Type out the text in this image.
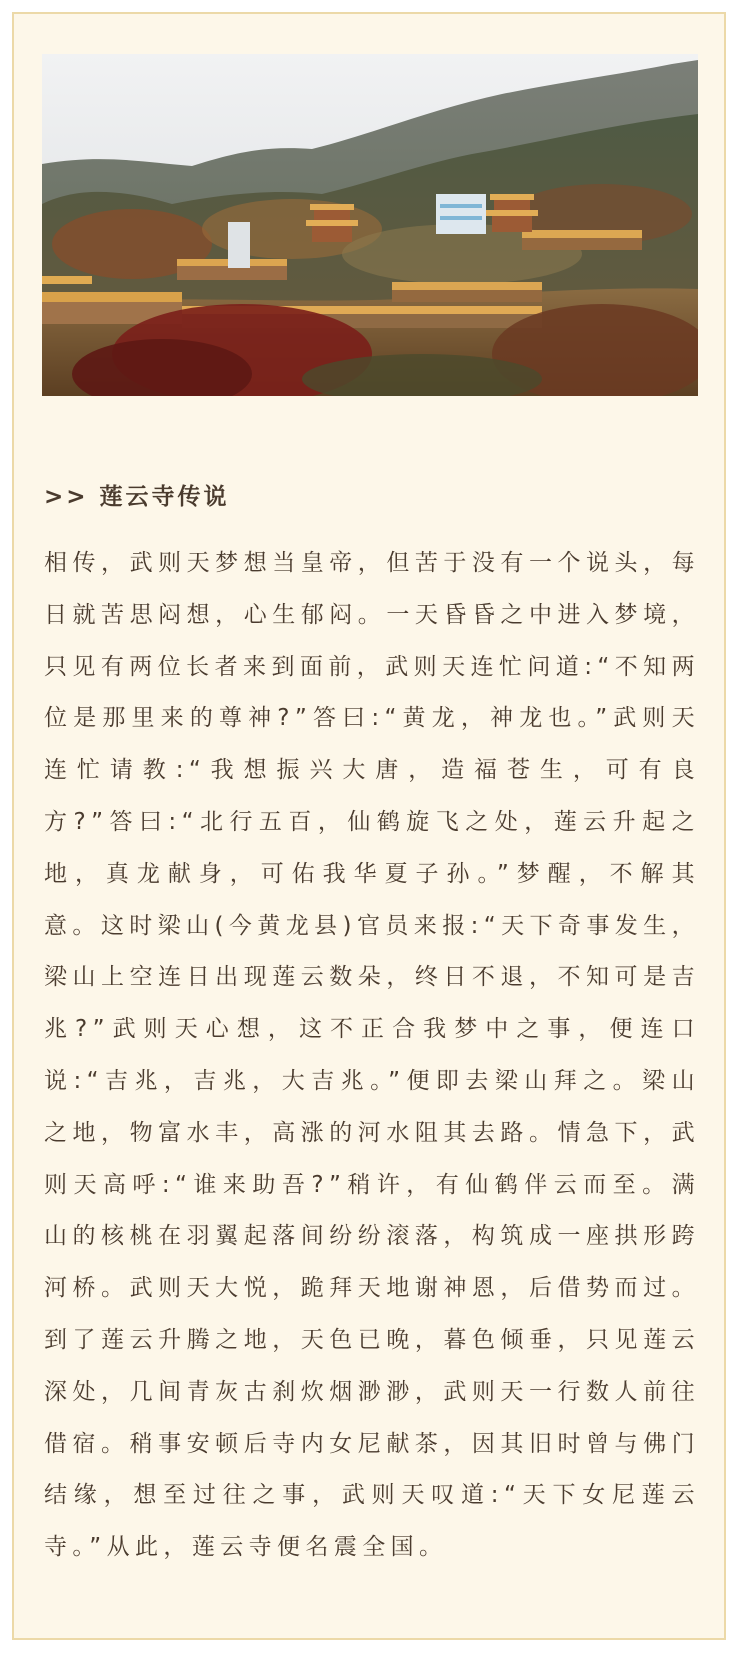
>> 莲云寺传说

相传，武则天梦想当皇帝，但苦于没有一个说头，每日就苦思闷想，心生郁闷。一天昏昏之中进入梦境，只见有两位长者来到面前，武则天连忙问道:“不知两位是那里来的尊神?”答曰:“黄龙，神龙也。”武则天连忙请教:“我想振兴大唐，造福苍生，可有良方?”答曰:“北行五百，仙鹤旋飞之处，莲云升起之地，真龙献身，可佑我华夏子孙。”梦醒，不解其意。这时梁山(今黄龙县)官员来报:“天下奇事发生，梁山上空连日出现莲云数朵，终日不退，不知可是吉兆?”武则天心想，这不正合我梦中之事，便连口说:“吉兆，吉兆，大吉兆。”便即去梁山拜之。梁山之地，物富水丰，高涨的河水阻其去路。情急下，武则天高呼:“谁来助吾?”稍许，有仙鹤伴云而至。满山的核桃在羽翼起落间纷纷滚落，构筑成一座拱形跨河桥。武则天大悦，跪拜天地谢神恩，后借势而过。到了莲云升腾之地，天色已晚，暮色倾垂，只见莲云深处，几间青灰古刹炊烟渺渺，武则天一行数人前往借宿。稍事安顿后寺内女尼献茶，因其旧时曾与佛门结缘，想至过往之事，武则天叹道:“天下女尼莲云寺。”从此，莲云寺便名震全国。
